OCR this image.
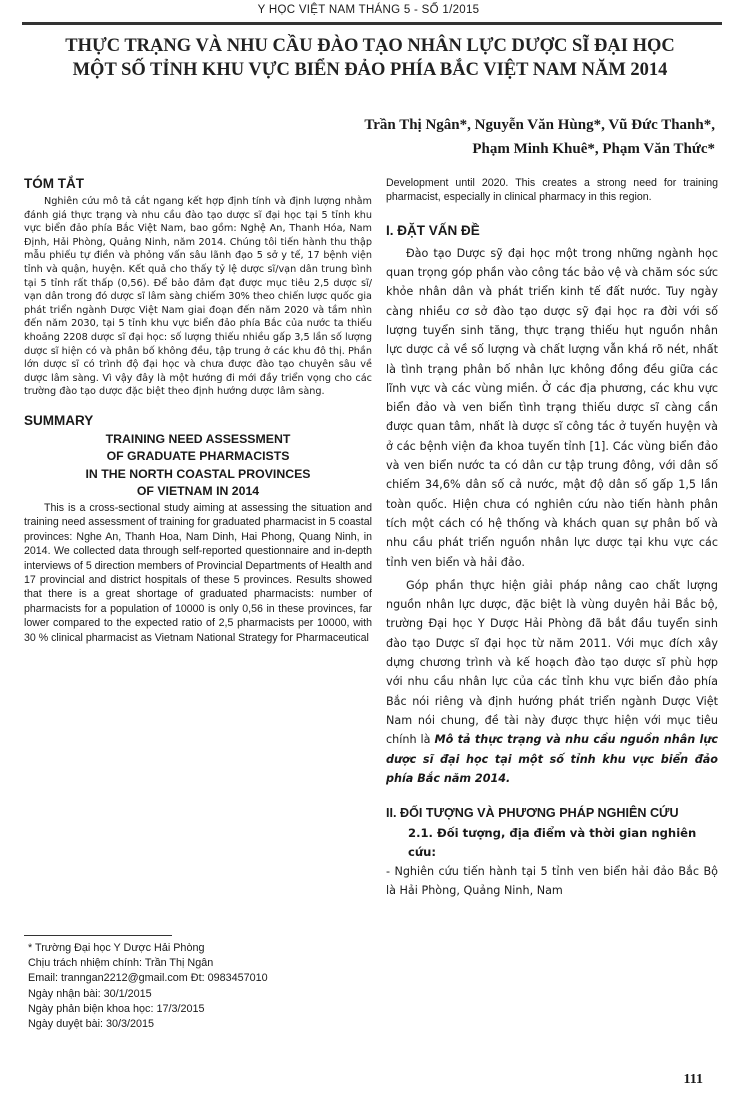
Y HỌC VIỆT NAM THÁNG 5 - SỐ 1/2015
THỰC TRẠNG VÀ NHU CẦU ĐÀO TẠO NHÂN LỰC DƯỢC SĨ ĐẠI HỌC
MỘT SỐ TỈNH KHU VỰC BIỂN ĐẢO PHÍA BẮC VIỆT NAM NĂM 2014
Trần Thị Ngân*, Nguyễn Văn Hùng*, Vũ Đức Thanh*,
Phạm Minh Khuê*, Phạm Văn Thức*
TÓM TẮT

Nghiên cứu mô tả cắt ngang kết hợp định tính và định lượng nhằm đánh giá thực trạng và nhu cầu đào tạo dược sĩ đại học tại 5 tỉnh khu vực biển đảo phía Bắc Việt Nam, bao gồm: Nghệ An, Thanh Hóa, Nam Định, Hải Phòng, Quảng Ninh, năm 2014. Chúng tôi tiến hành thu thập mẫu phiếu tự điền và phỏng vấn sâu lãnh đạo 5 sở y tế, 17 bệnh viện tỉnh và quận, huyện. Kết quả cho thấy tỷ lệ dược sĩ/vạn dân trung bình tại 5 tỉnh rất thấp (0,56). Để bảo đảm đạt được mục tiêu 2,5 dược sĩ/ vạn dân trong đó dược sĩ lâm sàng chiếm 30% theo chiến lược quốc gia phát triển ngành Dược Việt Nam giai đoạn đến năm 2020 và tầm nhìn đến năm 2030, tại 5 tỉnh khu vực biển đảo phía Bắc của nước ta thiếu khoảng 2208 dược sĩ đại học: số lượng thiếu nhiều gấp 3,5 lần số lượng dược sĩ hiện có và phân bố không đều, tập trung ở các khu đô thị. Phần lớn dược sĩ có trình độ đại học và chưa được đào tạo chuyên sâu về dược lâm sàng. Vì vậy đây là một hướng đi mới đầy triển vọng cho các trường đào tạo dược đặc biệt theo định hướng dược lâm sàng.

SUMMARY
TRAINING NEED ASSESSMENT
OF GRADUATE PHARMACISTS
IN THE NORTH COASTAL PROVINCES
OF VIETNAM IN 2014

This is a cross-sectional study aiming at assessing the situation and training need assessment of training for graduated pharmacist in 5 coastal provinces: Nghe An, Thanh Hoa, Nam Dinh, Hai Phong, Quang Ninh, in 2014. We collected data through self-reported questionnaire and in-depth interviews of 5 direction members of Provincial Departments of Health and 17 provincial and district hospitals of these 5 provinces. Results showed that there is a great shortage of graduated pharmacists: number of pharmacists for a population of 10000 is only 0,56 in these provinces, far lower compared to the expected ratio of 2,5 pharmacists per 10000, with 30 % clinical pharmacist as Vietnam National Strategy for Pharmaceutical

* Trường Đại học Y Dược Hải Phòng
Chịu trách nhiệm chính: Trần Thị Ngân
Email: tranngan2212@gmail.com Đt: 0983457010
Ngày nhận bài: 30/1/2015
Ngày phản biện khoa học: 17/3/2015
Ngày duyệt bài: 30/3/2015

Development until 2020. This creates a strong need for training pharmacist, especially in clinical pharmacy in this region.

I. ĐẶT VẤN ĐỀ

Đào tạo Dược sỹ đại học một trong những ngành học quan trọng góp phần vào công tác bảo vệ và chăm sóc sức khỏe nhân dân và phát triển kinh tế đất nước. Tuy ngày càng nhiều cơ sở đào tạo dược sỹ đại học ra đời với số lượng tuyển sinh tăng, thực trạng thiếu hụt nguồn nhân lực dược cả về số lượng và chất lượng vẫn khá rõ nét, nhất là tình trạng phân bố nhân lực không đồng đều giữa các lĩnh vực và các vùng miền. Ở các địa phương, các khu vực biển đảo và ven biển tình trạng thiếu dược sĩ càng cần được quan tâm, nhất là dược sĩ công tác ở tuyến huyện và ở các bệnh viện đa khoa tuyến tỉnh [1]. Các vùng biển đảo và ven biển nước ta có dân cư tập trung đông, với dân số chiếm 34,6% dân số cả nước, mật độ dân số gấp 1,5 lần toàn quốc. Hiện chưa có nghiên cứu nào tiến hành phân tích một cách có hệ thống và khách quan sự phân bố và nhu cầu phát triển nguồn nhân lực dược tại khu vực các tỉnh ven biển và hải đảo.

Góp phần thực hiện giải pháp nâng cao chất lượng nguồn nhân lực dược, đặc biệt là vùng duyên hải Bắc bộ, trường Đại học Y Dược Hải Phòng đã bắt đầu tuyển sinh đào tạo Dược sĩ đại học từ năm 2011. Với mục đích xây dựng chương trình và kế hoạch đào tạo dược sĩ phù hợp với nhu cầu nhân lực của các tỉnh khu vực biển đảo phía Bắc nói riêng và định hướng phát triển ngành Dược Việt Nam nói chung, đề tài này được thực hiện với mục tiêu chính là Mô tả thực trạng và nhu cầu nguồn nhân lực dược sĩ đại học tại một số tỉnh khu vực biển đảo phía Bắc năm 2014.

II. ĐỐI TƯỢNG VÀ PHƯƠNG PHÁP NGHIÊN CỨU

2.1. Đối tượng, địa điểm và thời gian nghiên cứu:

- Nghiên cứu tiến hành tại 5 tỉnh ven biển hải đảo Bắc Bộ là Hải Phòng, Quảng Ninh, Nam

111
